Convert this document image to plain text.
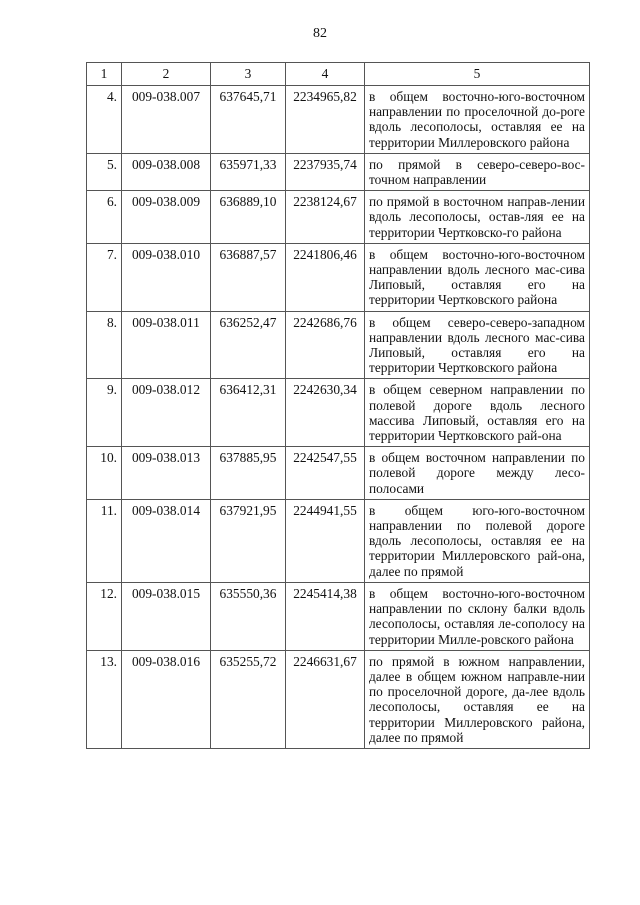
82
1	2	3	4	5
4.	009-038.007	637645,71	2234965,82	в общем восточно-юго-восточном направлении по проселочной до-роге вдоль лесополосы, оставляя ее на территории Миллеровского района
5.	009-038.008	635971,33	2237935,74	по прямой в северо-северо-вос-точном направлении
6.	009-038.009	636889,10	2238124,67	по прямой в восточном направ-лении вдоль лесополосы, остав-ляя ее на территории Чертковско-го района
7.	009-038.010	636887,57	2241806,46	в общем восточно-юго-восточном направлении вдоль лесного мас-сива Липовый, оставляя его на территории Чертковского района
8.	009-038.011	636252,47	2242686,76	в общем северо-северо-западном направлении вдоль лесного мас-сива Липовый, оставляя его на территории Чертковского района
9.	009-038.012	636412,31	2242630,34	в общем северном направлении по полевой дороге вдоль лесного массива Липовый, оставляя его на территории Чертковского рай-она
10.	009-038.013	637885,95	2242547,55	в общем восточном направлении по полевой дороге между лесо-полосами
11.	009-038.014	637921,95	2244941,55	в общем юго-юго-восточном направлении по полевой дороге вдоль лесополосы, оставляя ее на территории Миллеровского рай-она, далее по прямой
12.	009-038.015	635550,36	2245414,38	в общем восточно-юго-восточном направлении по склону балки вдоль лесополосы, оставляя ле-сополосу на территории Милле-ровского района
13.	009-038.016	635255,72	2246631,67	по прямой в южном направлении, далее в общем южном направле-нии по проселочной дороге, да-лее вдоль лесополосы, оставляя ее на территории Миллеровского района, далее по прямой
